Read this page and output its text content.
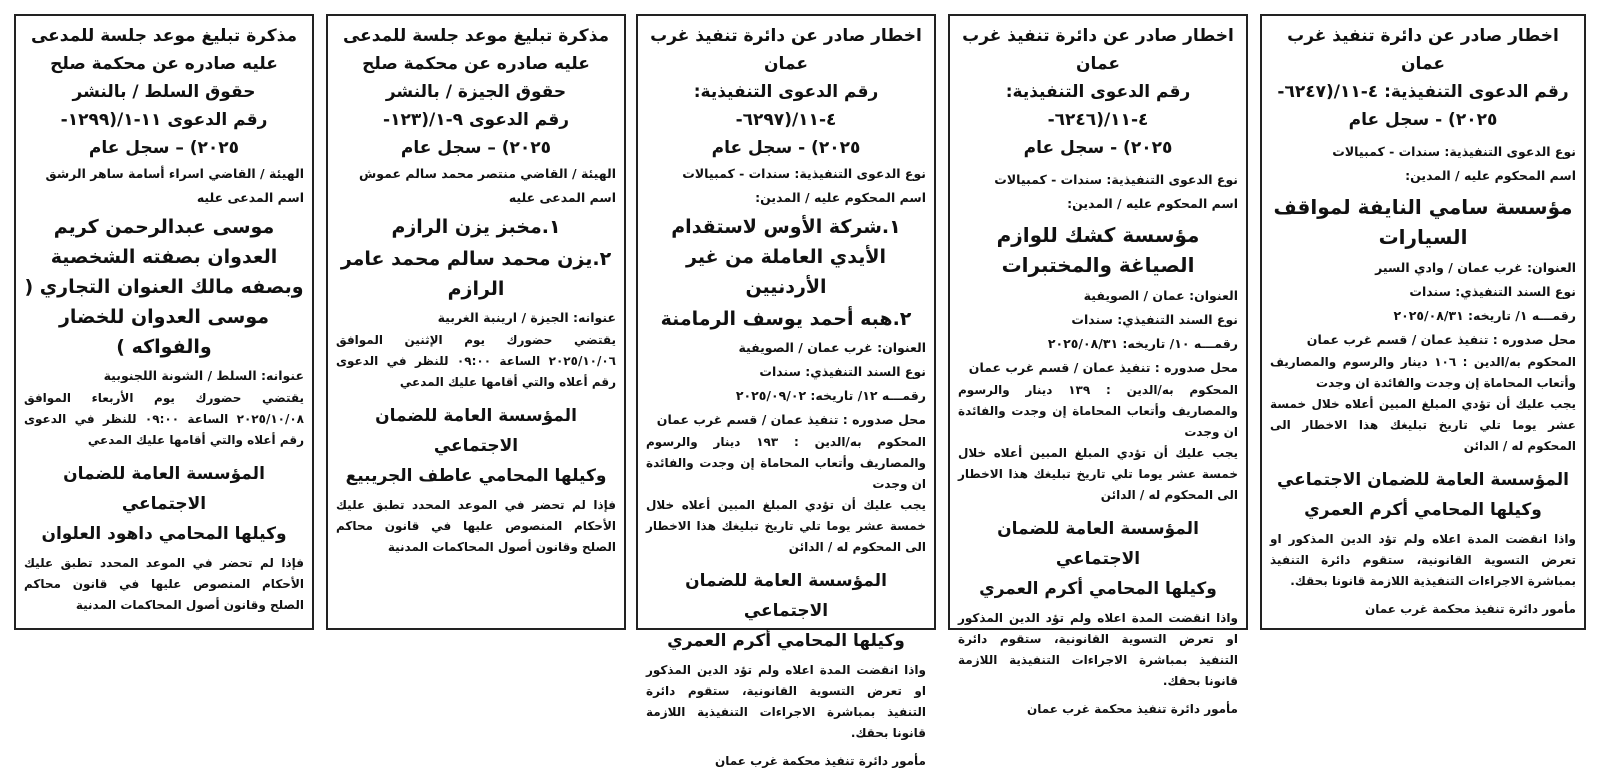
اخطار صادر عن دائرة تنفيذ غرب عمان
رقم الدعوى التنفيذية: ٤-١١/(٦٢٤٧-
٢٠٢٥) - سجل عام
نوع الدعوى التنفيذية: سندات - كمبيالات
اسم المحكوم عليه / المدين:
مؤسسة سامي النايفة لمواقف السيارات
العنوان: غرب عمان / وادي السير
نوع السند التنفيذي: سندات
رقمـــه ١/ تاريخه: ٢٠٢٥/٠٨/٣١
محل صدوره : تنفيذ عمان / قسم غرب عمان
المحكوم به/الدين : ١٠٦ دينار والرسوم والمصاريف وأتعاب المحاماة إن وجدت والفائدة ان وجدت
يجب عليك أن تؤدي المبلغ المبين أعلاه خلال خمسة عشر يوما تلي تاريخ تبليغك هذا الاخطار الى المحكوم له / الدائن
المؤسسة العامة للضمان الاجتماعي
وكيلها المحامي أكرم العمري
واذا انقضت المدة اعلاه ولم تؤد الدين المذكور او تعرض التسوية القانونية، ستقوم دائرة التنفيذ بمباشرة الاجراءات التنفيذية اللازمة قانونا بحقك.
مأمور دائرة تنفيذ محكمة غرب عمان
اخطار صادر عن دائرة تنفيذ غرب عمان
رقم الدعوى التنفيذية: ٤-١١/(٦٢٤٦-
٢٠٢٥) - سجل عام
نوع الدعوى التنفيذية: سندات - كمبيالات
اسم المحكوم عليه / المدين:
مؤسسة كشك للوازم الصياغة والمختبرات
العنوان: عمان / الصويفية
نوع السند التنفيذي: سندات
رقمـــه ١٠/ تاريخه: ٢٠٢٥/٠٨/٣١
محل صدوره : تنفيذ عمان / قسم غرب عمان
المحكوم به/الدين : ١٣٩ دينار والرسوم والمصاريف وأتعاب المحاماة إن وجدت والفائدة ان وجدت
يجب عليك أن تؤدي المبلغ المبين أعلاه خلال خمسة عشر يوما تلي تاريخ تبليغك هذا الاخطار الى المحكوم له / الدائن
المؤسسة العامة للضمان الاجتماعي
وكيلها المحامي أكرم العمري
واذا انقضت المدة اعلاه ولم تؤد الدين المذكور او تعرض التسوية القانونية، ستقوم دائرة التنفيذ بمباشرة الاجراءات التنفيذية اللازمة قانونا بحقك.
مأمور دائرة تنفيذ محكمة غرب عمان
اخطار صادر عن دائرة تنفيذ غرب عمان
رقم الدعوى التنفيذية: ٤-١١/(٦٢٩٧-
٢٠٢٥) - سجل عام
نوع الدعوى التنفيذية: سندات - كمبيالات
اسم المحكوم عليه / المدين:
١.شركة الأوس لاستقدام الأيدي العاملة من غير الأردنيين
٢.هبه أحمد يوسف الرمامنة
العنوان: غرب عمان / الصويفية
نوع السند التنفيذي: سندات
رقمـــه ١٢/ تاريخه: ٢٠٢٥/٠٩/٠٢
محل صدوره : تنفيذ عمان / قسم غرب عمان
المحكوم به/الدين : ١٩٣ دينار والرسوم والمصاريف وأتعاب المحاماة إن وجدت والفائدة ان وجدت
يجب عليك أن تؤدي المبلغ المبين أعلاه خلال خمسة عشر يوما تلي تاريخ تبليغك هذا الاخطار الى المحكوم له / الدائن
المؤسسة العامة للضمان الاجتماعي
وكيلها المحامي أكرم العمري
واذا انقضت المدة اعلاه ولم تؤد الدين المذكور او تعرض التسوية القانونية، ستقوم دائرة التنفيذ بمباشرة الاجراءات التنفيذية اللازمة قانونا بحقك.
مأمور دائرة تنفيذ محكمة غرب عمان
مذكرة تبليغ موعد جلسة للمدعى عليه صادره عن محكمة صلح حقوق الجيزة / بالنشر
رقم الدعوى ٩-١/(١٢٣-
٢٠٢٥) – سجل عام
الهيئة / القاضي منتصر محمد سالم عموش
اسم المدعى عليه
١.مخبز يزن الرازم
٢.يزن محمد سالم محمد عامر الرازم
عنوانه: الجيزة / ارينبة الغربية
يقتضي حضورك يوم الإثنين الموافق ٢٠٢٥/١٠/٠٦ الساعة ٠٩:٠٠ للنظر في الدعوى رقم أعلاه والتي أقامها عليك المدعي
المؤسسة العامة للضمان الاجتماعي
وكيلها المحامي عاطف الجريبيع
فإذا لم تحضر في الموعد المحدد تطبق عليك الأحكام المنصوص عليها في قانون محاكم الصلح وقانون أصول المحاكمات المدنية
مذكرة تبليغ موعد جلسة للمدعى عليه صادره عن محكمة صلح حقوق السلط / بالنشر
رقم الدعوى ١١-١/(١٢٩٩-
٢٠٢٥) – سجل عام
الهيئة / القاضي اسراء أسامة ساهر الرشق
اسم المدعى عليه
موسى عبدالرحمن كريم العدوان بصفته الشخصية وبصفه مالك العنوان التجاري ( موسى العدوان للخضار والفواكه )
عنوانه: السلط / الشونة اللجنوبية
يقتضي حضورك يوم الأربعاء الموافق ٢٠٢٥/١٠/٠٨ الساعة ٠٩:٠٠ للنظر في الدعوى رقم أعلاه والتي أقامها عليك المدعي
المؤسسة العامة للضمان الاجتماعي
وكيلها المحامي داهود العلوان
فإذا لم تحضر في الموعد المحدد تطبق عليك الأحكام المنصوص عليها في قانون محاكم الصلح وقانون أصول المحاكمات المدنية
